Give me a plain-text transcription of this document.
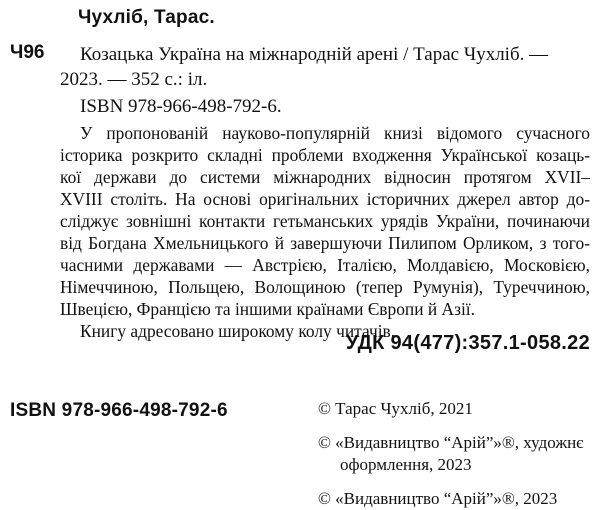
Чухліб, Тарас.
Ч96	Козацька Україна на міжнародній арені / Тарас Чухліб. —
2023. — 352 с.: іл.
ISBN 978-966-498-792-6.
У пропонованій науково-популярній книзі відомого сучасного
історика розкрито складні проблеми входження Української козаць-
кої держави до системи міжнародних відносин протягом XVII–
XVIII століть. На основі оригінальних історичних джерел автор до-
сліджує зовнішні контакти гетьманських урядів України, починаючи
від Богдана Хмельницького й завершуючи Пилипом Орликом, з того-
часними державами — Австрією, Італією, Молдавією, Московією,
Німеччиною, Польщею, Волощиною (тепер Румунія), Туреччиною,
Швецією, Францією та іншими країнами Європи й Азії.
Книгу адресовано широкому колу читачів.
УДК 94(477):357.1-058.22
ISBN 978-966-498-792-6	© Тарас Чухліб, 2021
© «Видавництво “Арій”»®, художнє
оформлення, 2023
© «Видавництво “Арій”»®, 2023
